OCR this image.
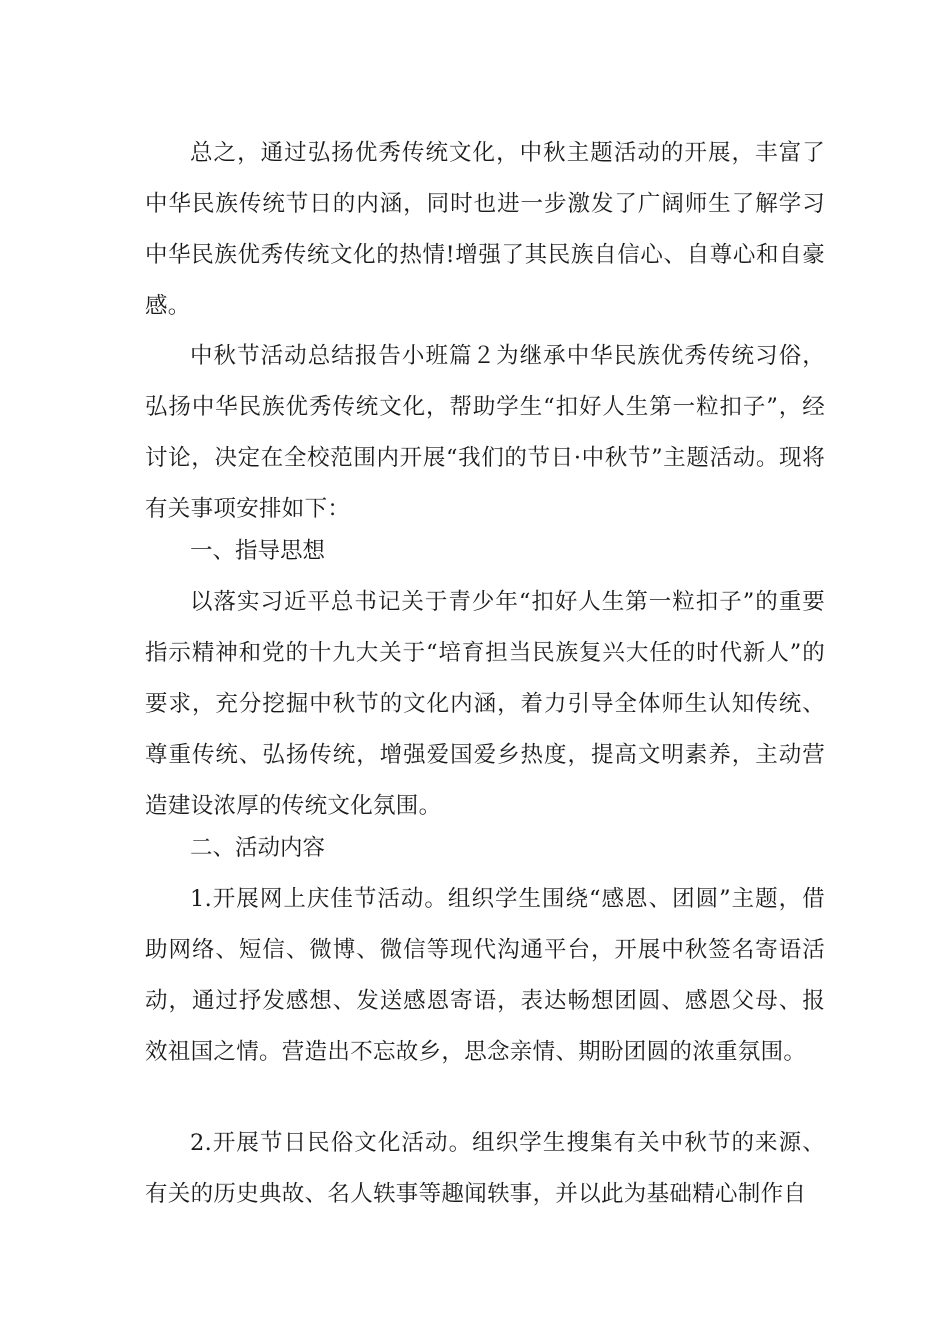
总之，通过弘扬优秀传统文化，中秋主题活动的开展，丰富了中华民族传统节日的内涵，同时也进一步激发了广阔师生了解学习中华民族优秀传统文化的热情!增强了其民族自信心、自尊心和自豪感。

中秋节活动总结报告小班篇２为继承中华民族优秀传统习俗，弘扬中华民族优秀传统文化，帮助学生“扣好人生第一粒扣子”，经讨论，决定在全校范围内开展“我们的节日·中秋节”主题活动。现将有关事项安排如下：

一、指导思想

以落实习近平总书记关于青少年“扣好人生第一粒扣子”的重要指示精神和党的十九大关于“培育担当民族复兴大任的时代新人”的要求，充分挖掘中秋节的文化内涵，着力引导全体师生认知传统、尊重传统、弘扬传统，增强爱国爱乡热度，提高文明素养，主动营造建设浓厚的传统文化氛围。

二、活动内容

1.开展网上庆佳节活动。组织学生围绕“感恩、团圆”主题，借助网络、短信、微博、微信等现代沟通平台，开展中秋签名寄语活动，通过抒发感想、发送感恩寄语，表达畅想团圆、感恩父母、报效祖国之情。营造出不忘故乡，思念亲情、期盼团圆的浓重氛围。

2.开展节日民俗文化活动。组织学生搜集有关中秋节的来源、有关的历史典故、名人轶事等趣闻轶事，并以此为基础精心制作自
